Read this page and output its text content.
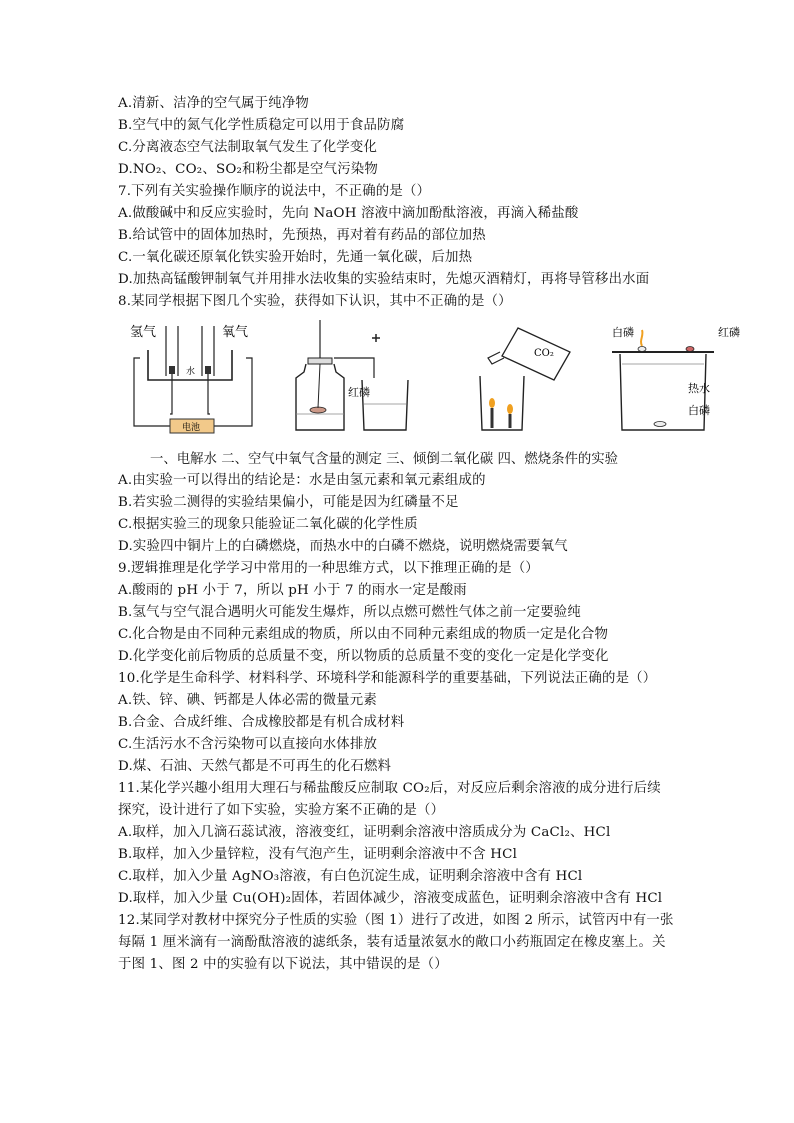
A.清新、洁净的空气属于纯净物
B.空气中的氮气化学性质稳定可以用于食品防腐
C.分离液态空气法制取氧气发生了化学变化
D.NO₂、CO₂、SO₂和粉尘都是空气污染物
7.下列有关实验操作顺序的说法中，不正确的是（）
A.做酸碱中和反应实验时，先向 NaOH 溶液中滴加酚酞溶液，再滴入稀盐酸
B.给试管中的固体加热时，先预热，再对着有药品的部位加热
C.一氧化碳还原氧化铁实验开始时，先通一氧化碳，后加热
D.加热高锰酸钾制氧气并用排水法收集的实验结束时，先熄灭酒精灯，再将导管移出水面
8.某同学根据下图几个实验，获得如下认识，其中不正确的是（）
氢气	氧气
水
电池
红磷
CO₂
白磷	红磷
热水
白磷
一、电解水 二、空气中氧气含量的测定 三、倾倒二氧化碳 四、燃烧条件的实验
A.由实验一可以得出的结论是：水是由氢元素和氧元素组成的
B.若实验二测得的实验结果偏小，可能是因为红磷量不足
C.根据实验三的现象只能验证二氧化碳的化学性质
D.实验四中铜片上的白磷燃烧，而热水中的白磷不燃烧，说明燃烧需要氧气
9.逻辑推理是化学学习中常用的一种思维方式，以下推理正确的是（）
A.酸雨的 pH 小于 7，所以 pH 小于 7 的雨水一定是酸雨
B.氢气与空气混合遇明火可能发生爆炸，所以点燃可燃性气体之前一定要验纯
C.化合物是由不同种元素组成的物质，所以由不同种元素组成的物质一定是化合物
D.化学变化前后物质的总质量不变，所以物质的总质量不变的变化一定是化学变化
10.化学是生命科学、材料科学、环境科学和能源科学的重要基础，下列说法正确的是（）
A.铁、锌、碘、钙都是人体必需的微量元素
B.合金、合成纤维、合成橡胶都是有机合成材料
C.生活污水不含污染物可以直接向水体排放
D.煤、石油、天然气都是不可再生的化石燃料
11.某化学兴趣小组用大理石与稀盐酸反应制取 CO₂后，对反应后剩余溶液的成分进行后续
探究，设计进行了如下实验，实验方案不正确的是（）
A.取样，加入几滴石蕊试液，溶液变红，证明剩余溶液中溶质成分为 CaCl₂、HCl
B.取样，加入少量锌粒，没有气泡产生，证明剩余溶液中不含 HCl
C.取样，加入少量 AgNO₃溶液，有白色沉淀生成，证明剩余溶液中含有 HCl
D.取样，加入少量 Cu(OH)₂固体，若固体减少，溶液变成蓝色，证明剩余溶液中含有 HCl
12.某同学对教材中探究分子性质的实验（图 1）进行了改进，如图 2 所示，试管丙中有一张
每隔 1 厘米滴有一滴酚酞溶液的滤纸条，装有适量浓氨水的敞口小药瓶固定在橡皮塞上。关
于图 1、图 2 中的实验有以下说法，其中错误的是（）
